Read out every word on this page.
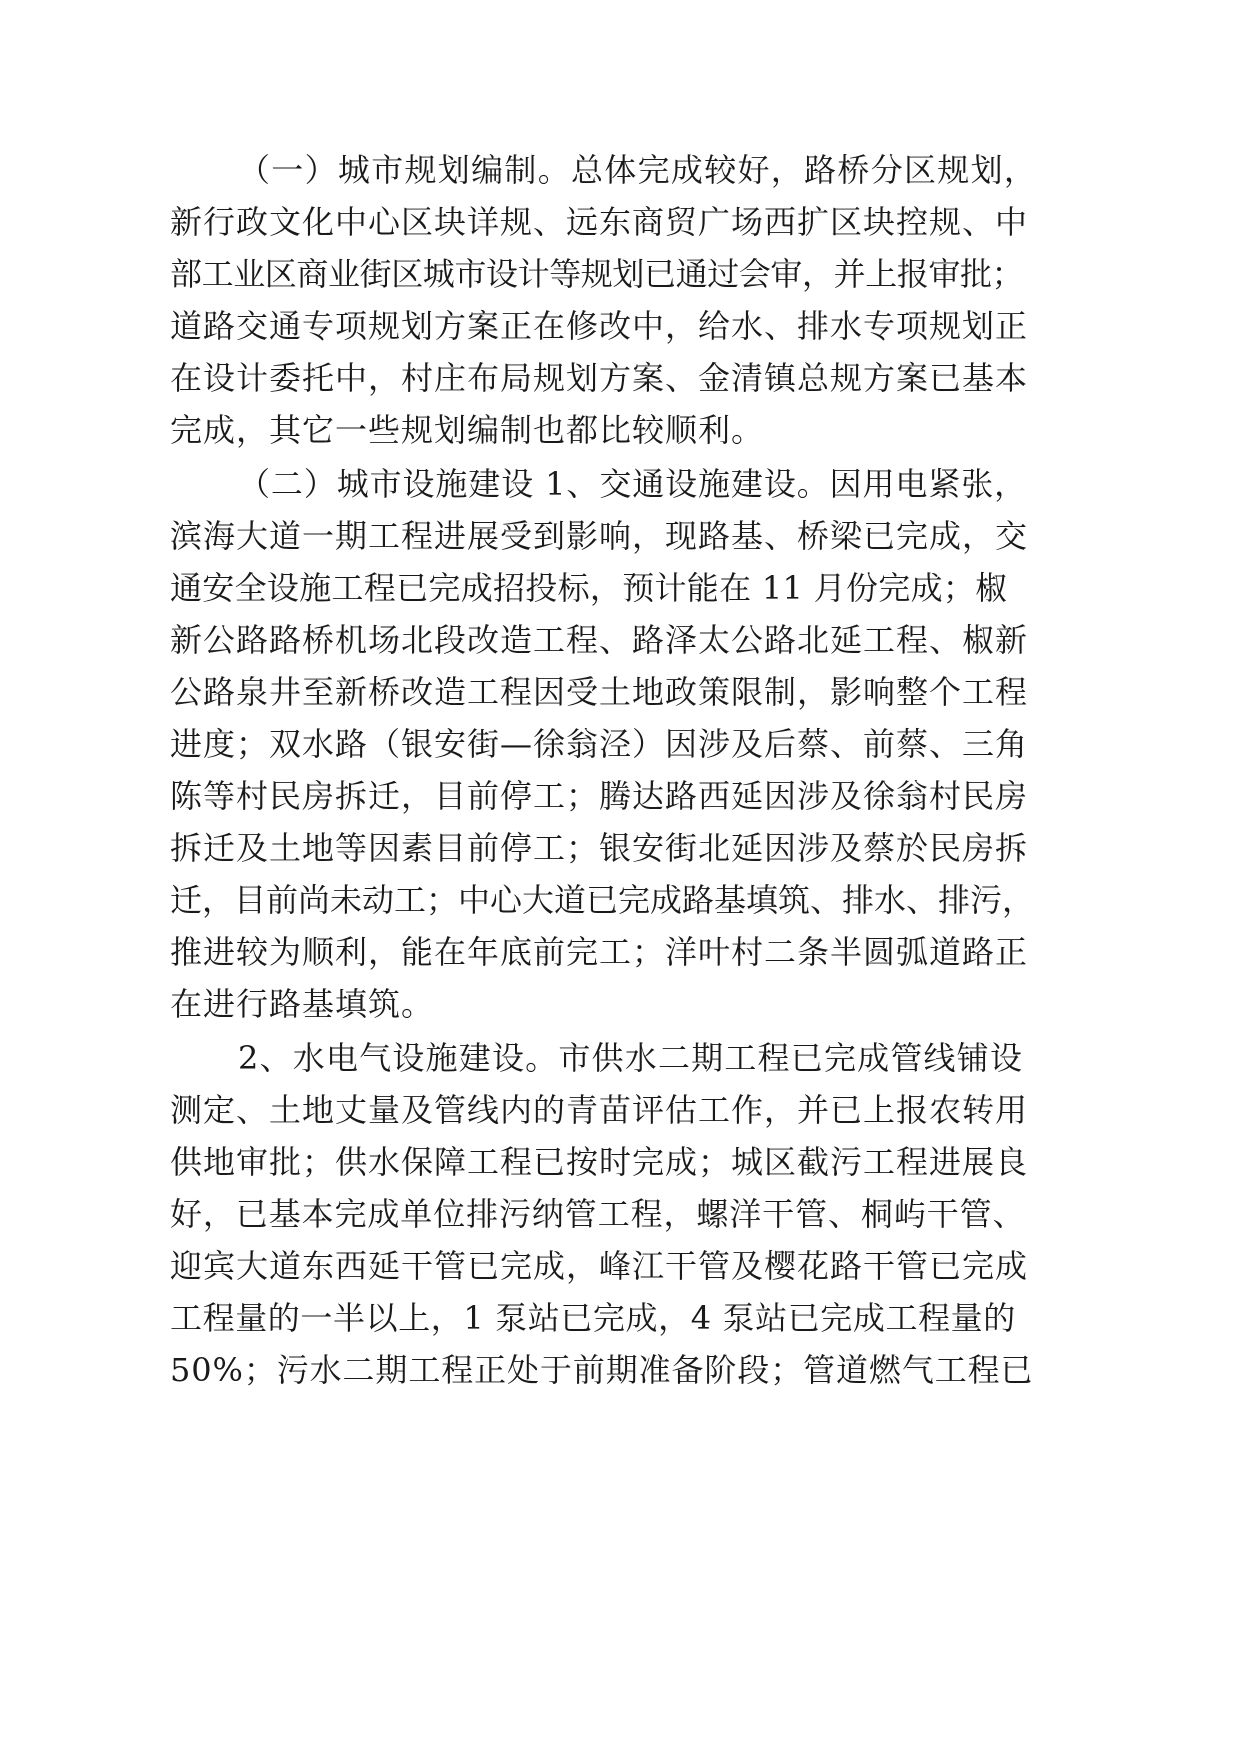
（一）城市规划编制。总体完成较好，路桥分区规划，
新行政文化中心区块详规、远东商贸广场西扩区块控规、中
部工业区商业街区城市设计等规划已通过会审，并上报审批；
道路交通专项规划方案正在修改中，给水、排水专项规划正
在设计委托中，村庄布局规划方案、金清镇总规方案已基本
完成，其它一些规划编制也都比较顺利。
（二）城市设施建设 1、交通设施建设。因用电紧张，
滨海大道一期工程进展受到影响，现路基、桥梁已完成，交
通安全设施工程已完成招投标，预计能在 11 月份完成；椒
新公路路桥机场北段改造工程、路泽太公路北延工程、椒新
公路泉井至新桥改造工程因受土地政策限制，影响整个工程
进度；双水路（银安街—徐翁泾）因涉及后蔡、前蔡、三角
陈等村民房拆迁，目前停工；腾达路西延因涉及徐翁村民房
拆迁及土地等因素目前停工；银安街北延因涉及蔡於民房拆
迁，目前尚未动工；中心大道已完成路基填筑、排水、排污，
推进较为顺利，能在年底前完工；洋叶村二条半圆弧道路正
在进行路基填筑。
2、水电气设施建设。市供水二期工程已完成管线铺设
测定、土地丈量及管线内的青苗评估工作，并已上报农转用
供地审批；供水保障工程已按时完成；城区截污工程进展良
好，已基本完成单位排污纳管工程，螺洋干管、桐屿干管、
迎宾大道东西延干管已完成，峰江干管及樱花路干管已完成
工程量的一半以上，1 泵站已完成，4 泵站已完成工程量的
50%；污水二期工程正处于前期准备阶段；管道燃气工程已
